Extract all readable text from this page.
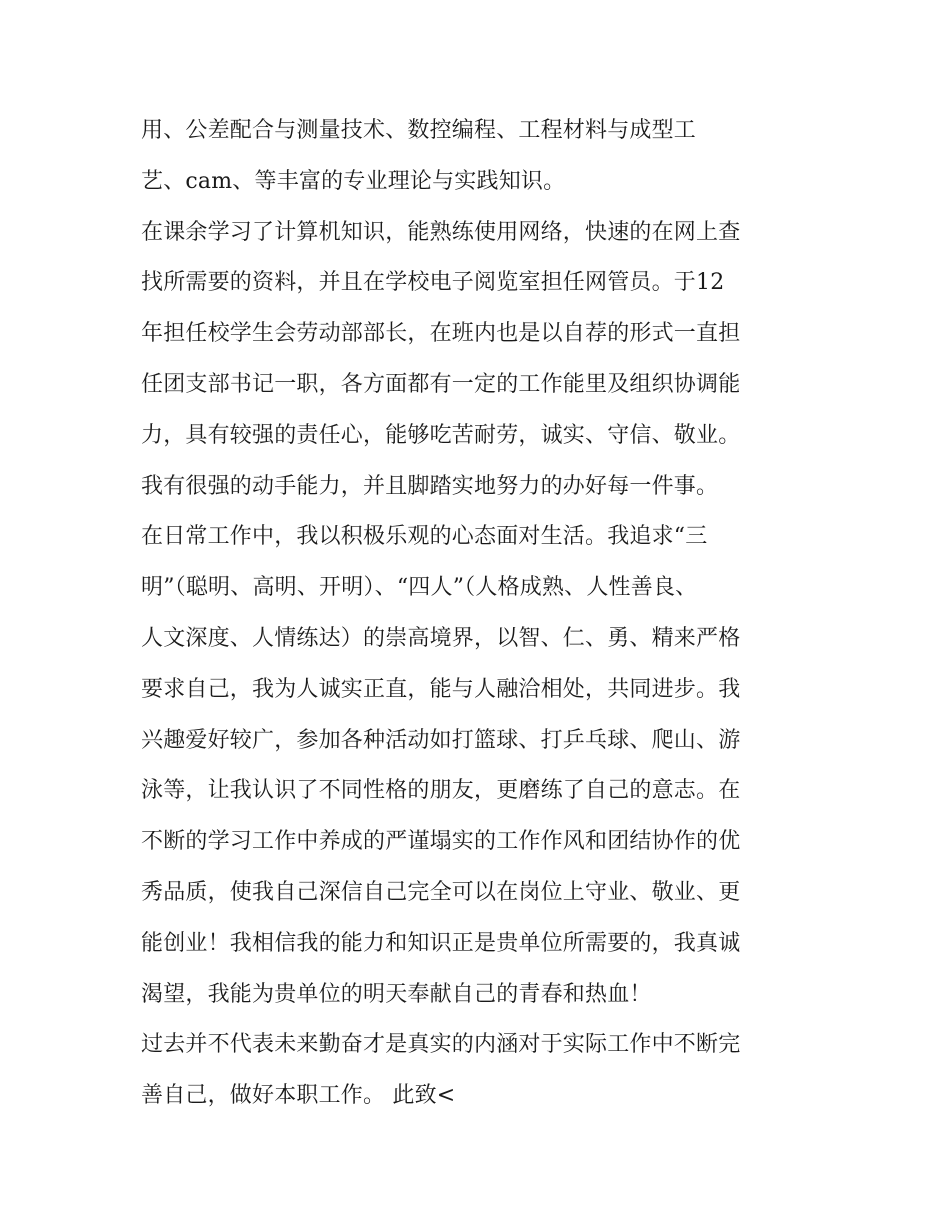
用、公差配合与测量技术、数控编程、工程材料与成型工
艺、cam、等丰富的专业理论与实践知识。
在课余学习了计算机知识，能熟练使用网络，快速的在网上查
找所需要的资料，并且在学校电子阅览室担任网管员。于12
年担任校学生会劳动部部长，在班内也是以自荐的形式一直担
任团支部书记一职，各方面都有一定的工作能里及组织协调能
力，具有较强的责任心，能够吃苦耐劳，诚实、守信、敬业。
我有很强的动手能力，并且脚踏实地努力的办好每一件事。
在日常工作中，我以积极乐观的心态面对生活。我追求“三
明”（聪明、高明、开明）、“四人”（人格成熟、人性善良、
人文深度、人情练达）的崇高境界，以智、仁、勇、精来严格
要求自己，我为人诚实正直，能与人融洽相处，共同进步。我
兴趣爱好较广，参加各种活动如打篮球、打乒乓球、爬山、游
泳等，让我认识了不同性格的朋友，更磨练了自己的意志。在
不断的学习工作中养成的严谨塌实的工作作风和团结协作的优
秀品质，使我自己深信自己完全可以在岗位上守业、敬业、更
能创业！我相信我的能力和知识正是贵单位所需要的，我真诚
渴望，我能为贵单位的明天奉献自己的青春和热血！
过去并不代表未来勤奋才是真实的内涵对于实际工作中不断完
善自己，做好本职工作。 此致<
